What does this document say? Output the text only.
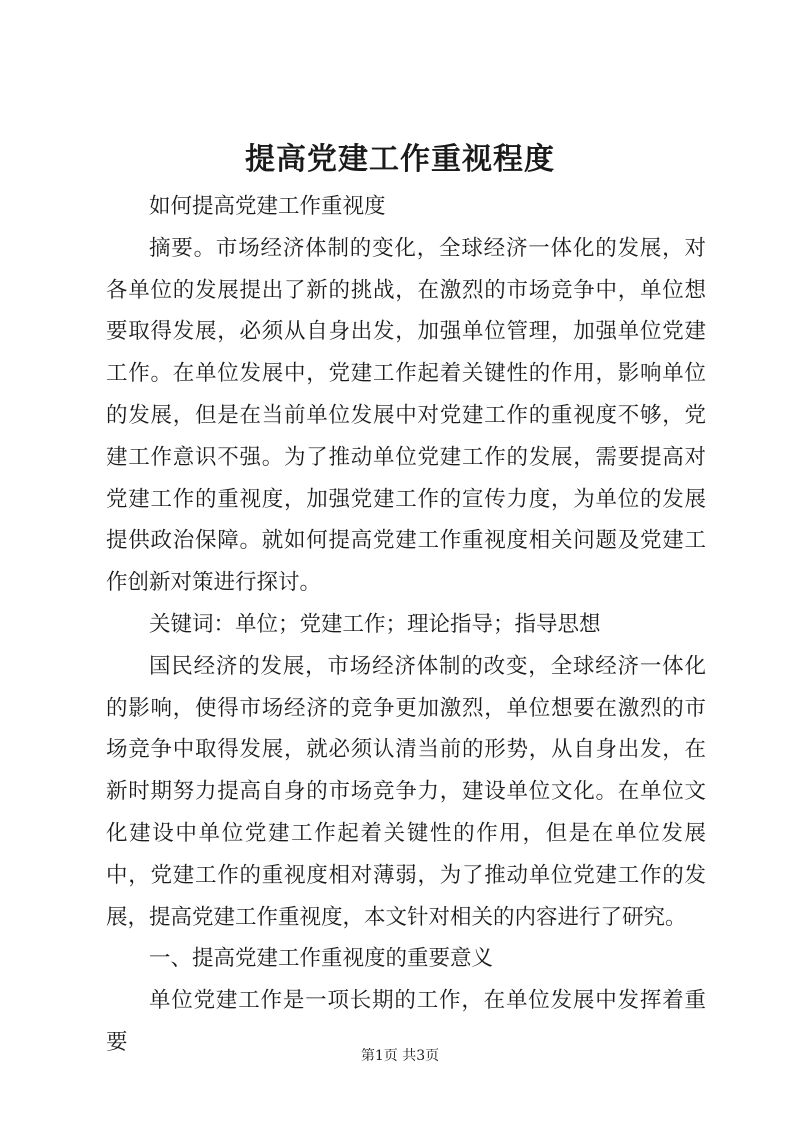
提高党建工作重视程度

如何提高党建工作重视度

摘要。市场经济体制的变化，全球经济一体化的发展，对各单位的发展提出了新的挑战，在激烈的市场竞争中，单位想要取得发展，必须从自身出发，加强单位管理，加强单位党建工作。在单位发展中，党建工作起着关键性的作用，影响单位的发展，但是在当前单位发展中对党建工作的重视度不够，党建工作意识不强。为了推动单位党建工作的发展，需要提高对党建工作的重视度，加强党建工作的宣传力度，为单位的发展提供政治保障。就如何提高党建工作重视度相关问题及党建工作创新对策进行探讨。

关键词：单位；党建工作；理论指导；指导思想

国民经济的发展，市场经济体制的改变，全球经济一体化的影响，使得市场经济的竞争更加激烈，单位想要在激烈的市场竞争中取得发展，就必须认清当前的形势，从自身出发，在新时期努力提高自身的市场竞争力，建设单位文化。在单位文化建设中单位党建工作起着关键性的作用，但是在单位发展中，党建工作的重视度相对薄弱，为了推动单位党建工作的发展，提高党建工作重视度，本文针对相关的内容进行了研究。

一、提高党建工作重视度的重要意义

单位党建工作是一项长期的工作，在单位发展中发挥着重要

第1页 共3页
